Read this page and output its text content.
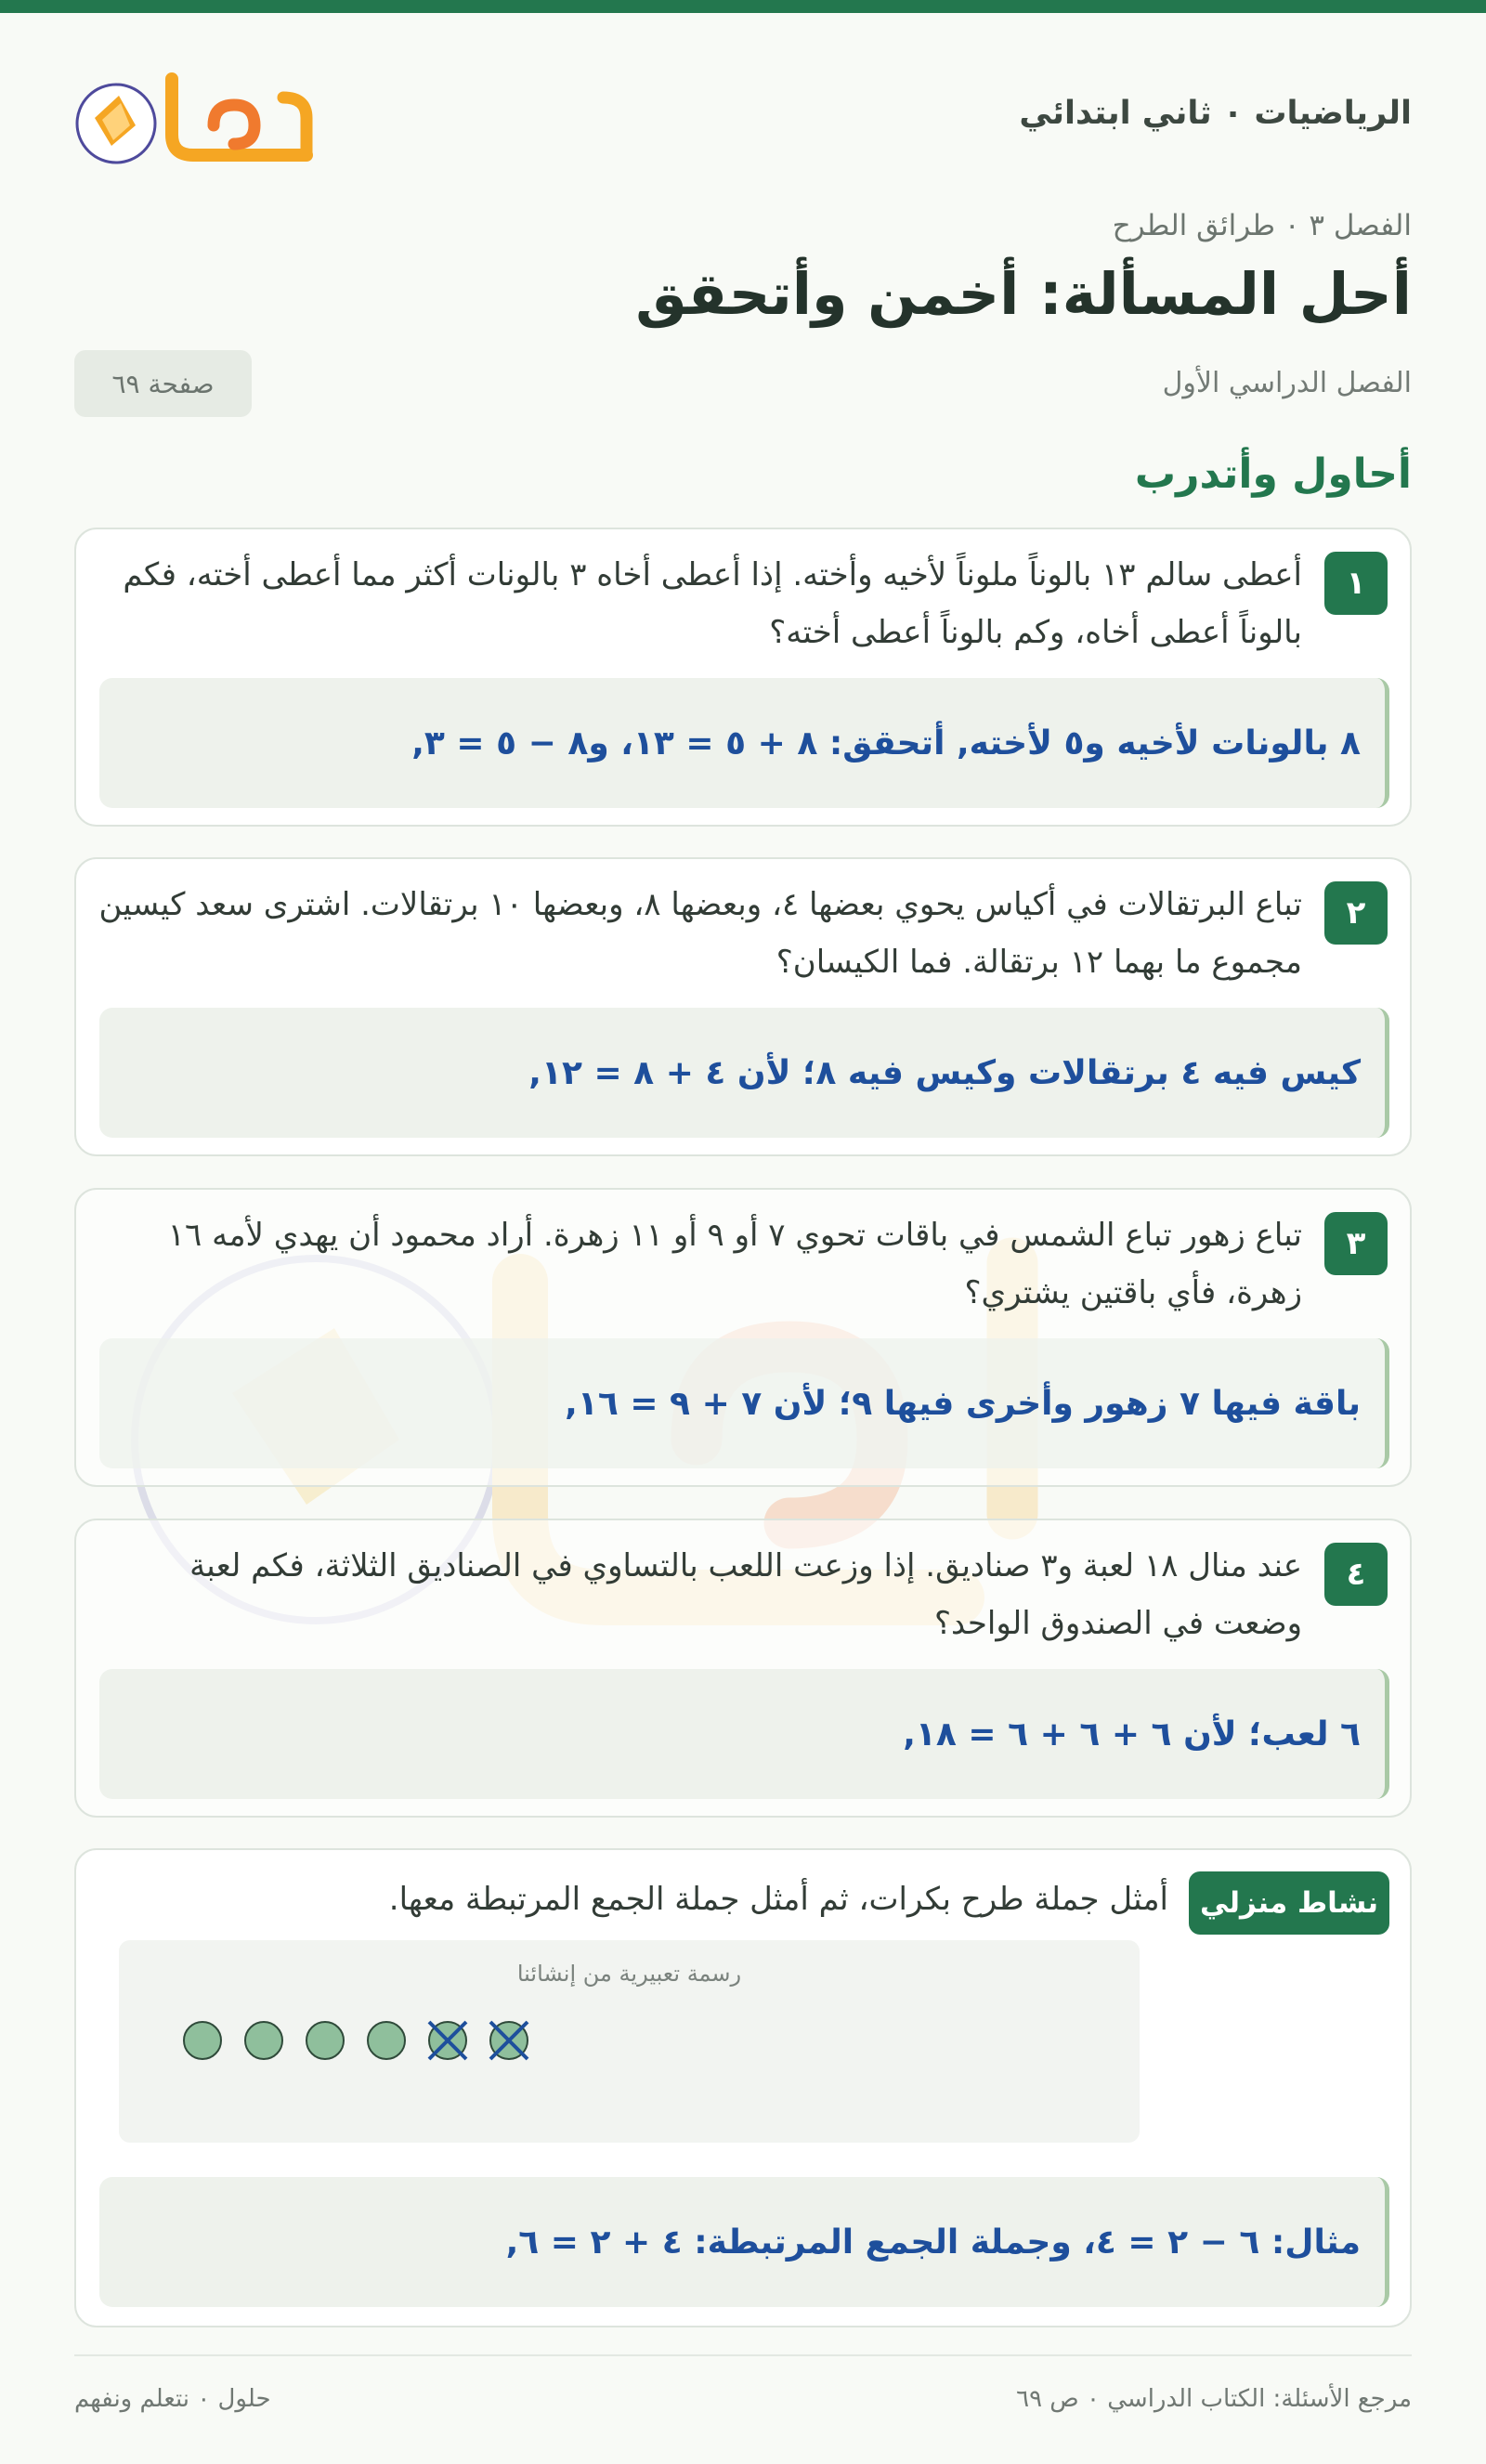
الرياضيات ٠ ثاني ابتدائي
حلول
الفصل ٣ ٠ طرائق الطرح
أحل المسألة: أخمن وأتحقق
الفصل الدراسي الأول
صفحة ٦٩
أحاول وأتدرب
١
أعطى سالم ١٣ بالوناً ملوناً لأخيه وأخته. إذا أعطى أخاه ٣ بالونات أكثر مما أعطى أخته، فكم بالوناً أعطى أخاه، وكم بالوناً أعطى أخته؟
٨ بالونات لأخيه و٥ لأخته, أتحقق: ٨ + ٥ = ١٣، و٨ − ٥ = ٣,
٢
تباع البرتقالات في أكياس يحوي بعضها ٤، وبعضها ٨، وبعضها ١٠ برتقالات. اشترى سعد كيسين مجموع ما بهما ١٢ برتقالة. فما الكيسان؟
كيس فيه ٤ برتقالات وكيس فيه ٨؛ لأن ٤ + ٨ = ١٢,
٣
تباع زهور تباع الشمس في باقات تحوي ٧ أو ٩ أو ١١ زهرة. أراد محمود أن يهدي لأمه ١٦ زهرة، فأي باقتين يشتري؟
باقة فيها ٧ زهور وأخرى فيها ٩؛ لأن ٧ + ٩ = ١٦,
٤
عند منال ١٨ لعبة و٣ صناديق. إذا وزعت اللعب بالتساوي في الصناديق الثلاثة، فكم لعبة وضعت في الصندوق الواحد؟
٦ لعب؛ لأن ٦ + ٦ + ٦ = ١٨,
نشاط منزلي
أمثل جملة طرح بكرات، ثم أمثل جملة الجمع المرتبطة معها.
رسمة تعبيرية من إنشائنا
مثال: ٦ − ٢ = ٤، وجملة الجمع المرتبطة: ٤ + ٢ = ٦,
مرجع الأسئلة: الكتاب الدراسي ٠ ص ٦٩
حلول ٠ نتعلم ونفهم
